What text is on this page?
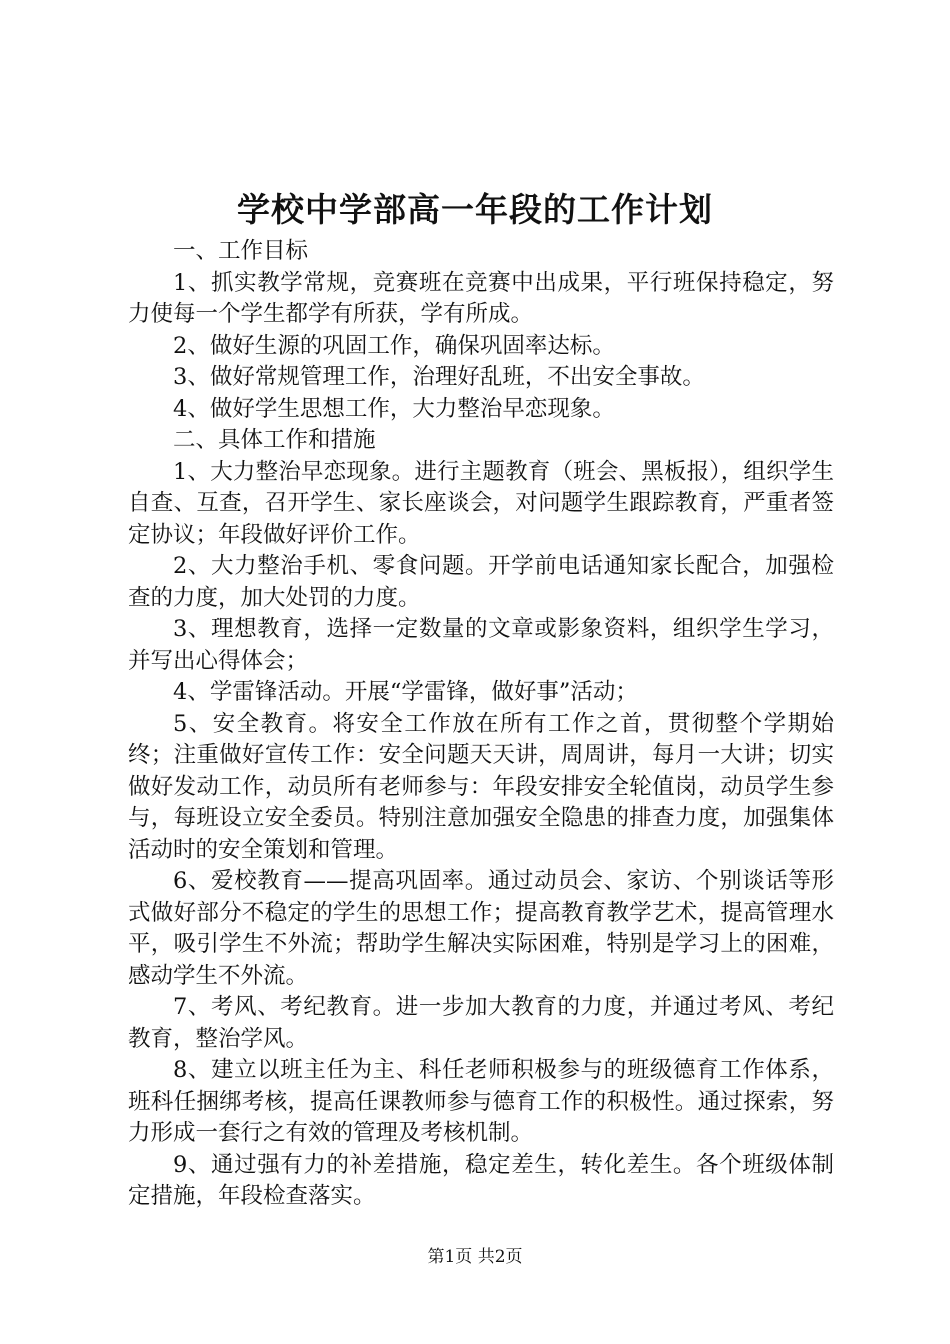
学校中学部高一年段的工作计划

一、工作目标

1、抓实教学常规，竞赛班在竞赛中出成果，平行班保持稳定，努力使每一个学生都学有所获，学有所成。

2、做好生源的巩固工作，确保巩固率达标。

3、做好常规管理工作，治理好乱班，不出安全事故。

4、做好学生思想工作，大力整治早恋现象。

二、具体工作和措施

1、大力整治早恋现象。进行主题教育（班会、黑板报），组织学生自查、互查，召开学生、家长座谈会，对问题学生跟踪教育，严重者签定协议；年段做好评价工作。

2、大力整治手机、零食问题。开学前电话通知家长配合，加强检查的力度，加大处罚的力度。

3、理想教育，选择一定数量的文章或影象资料，组织学生学习，并写出心得体会；

4、学雷锋活动。开展“学雷锋，做好事”活动；

5、安全教育。将安全工作放在所有工作之首，贯彻整个学期始终；注重做好宣传工作：安全问题天天讲，周周讲，每月一大讲；切实做好发动工作，动员所有老师参与：年段安排安全轮值岗，动员学生参与，每班设立安全委员。特别注意加强安全隐患的排查力度，加强集体活动时的安全策划和管理。

6、爱校教育——提高巩固率。通过动员会、家访、个别谈话等形式做好部分不稳定的学生的思想工作；提高教育教学艺术，提高管理水平，吸引学生不外流；帮助学生解决实际困难，特别是学习上的困难，感动学生不外流。

7、考风、考纪教育。进一步加大教育的力度，并通过考风、考纪教育，整治学风。

8、建立以班主任为主、科任老师积极参与的班级德育工作体系，班科任捆绑考核，提高任课教师参与德育工作的积极性。通过探索，努力形成一套行之有效的管理及考核机制。

9、通过强有力的补差措施，稳定差生，转化差生。各个班级体制定措施，年段检查落实。

第1页 共2页
